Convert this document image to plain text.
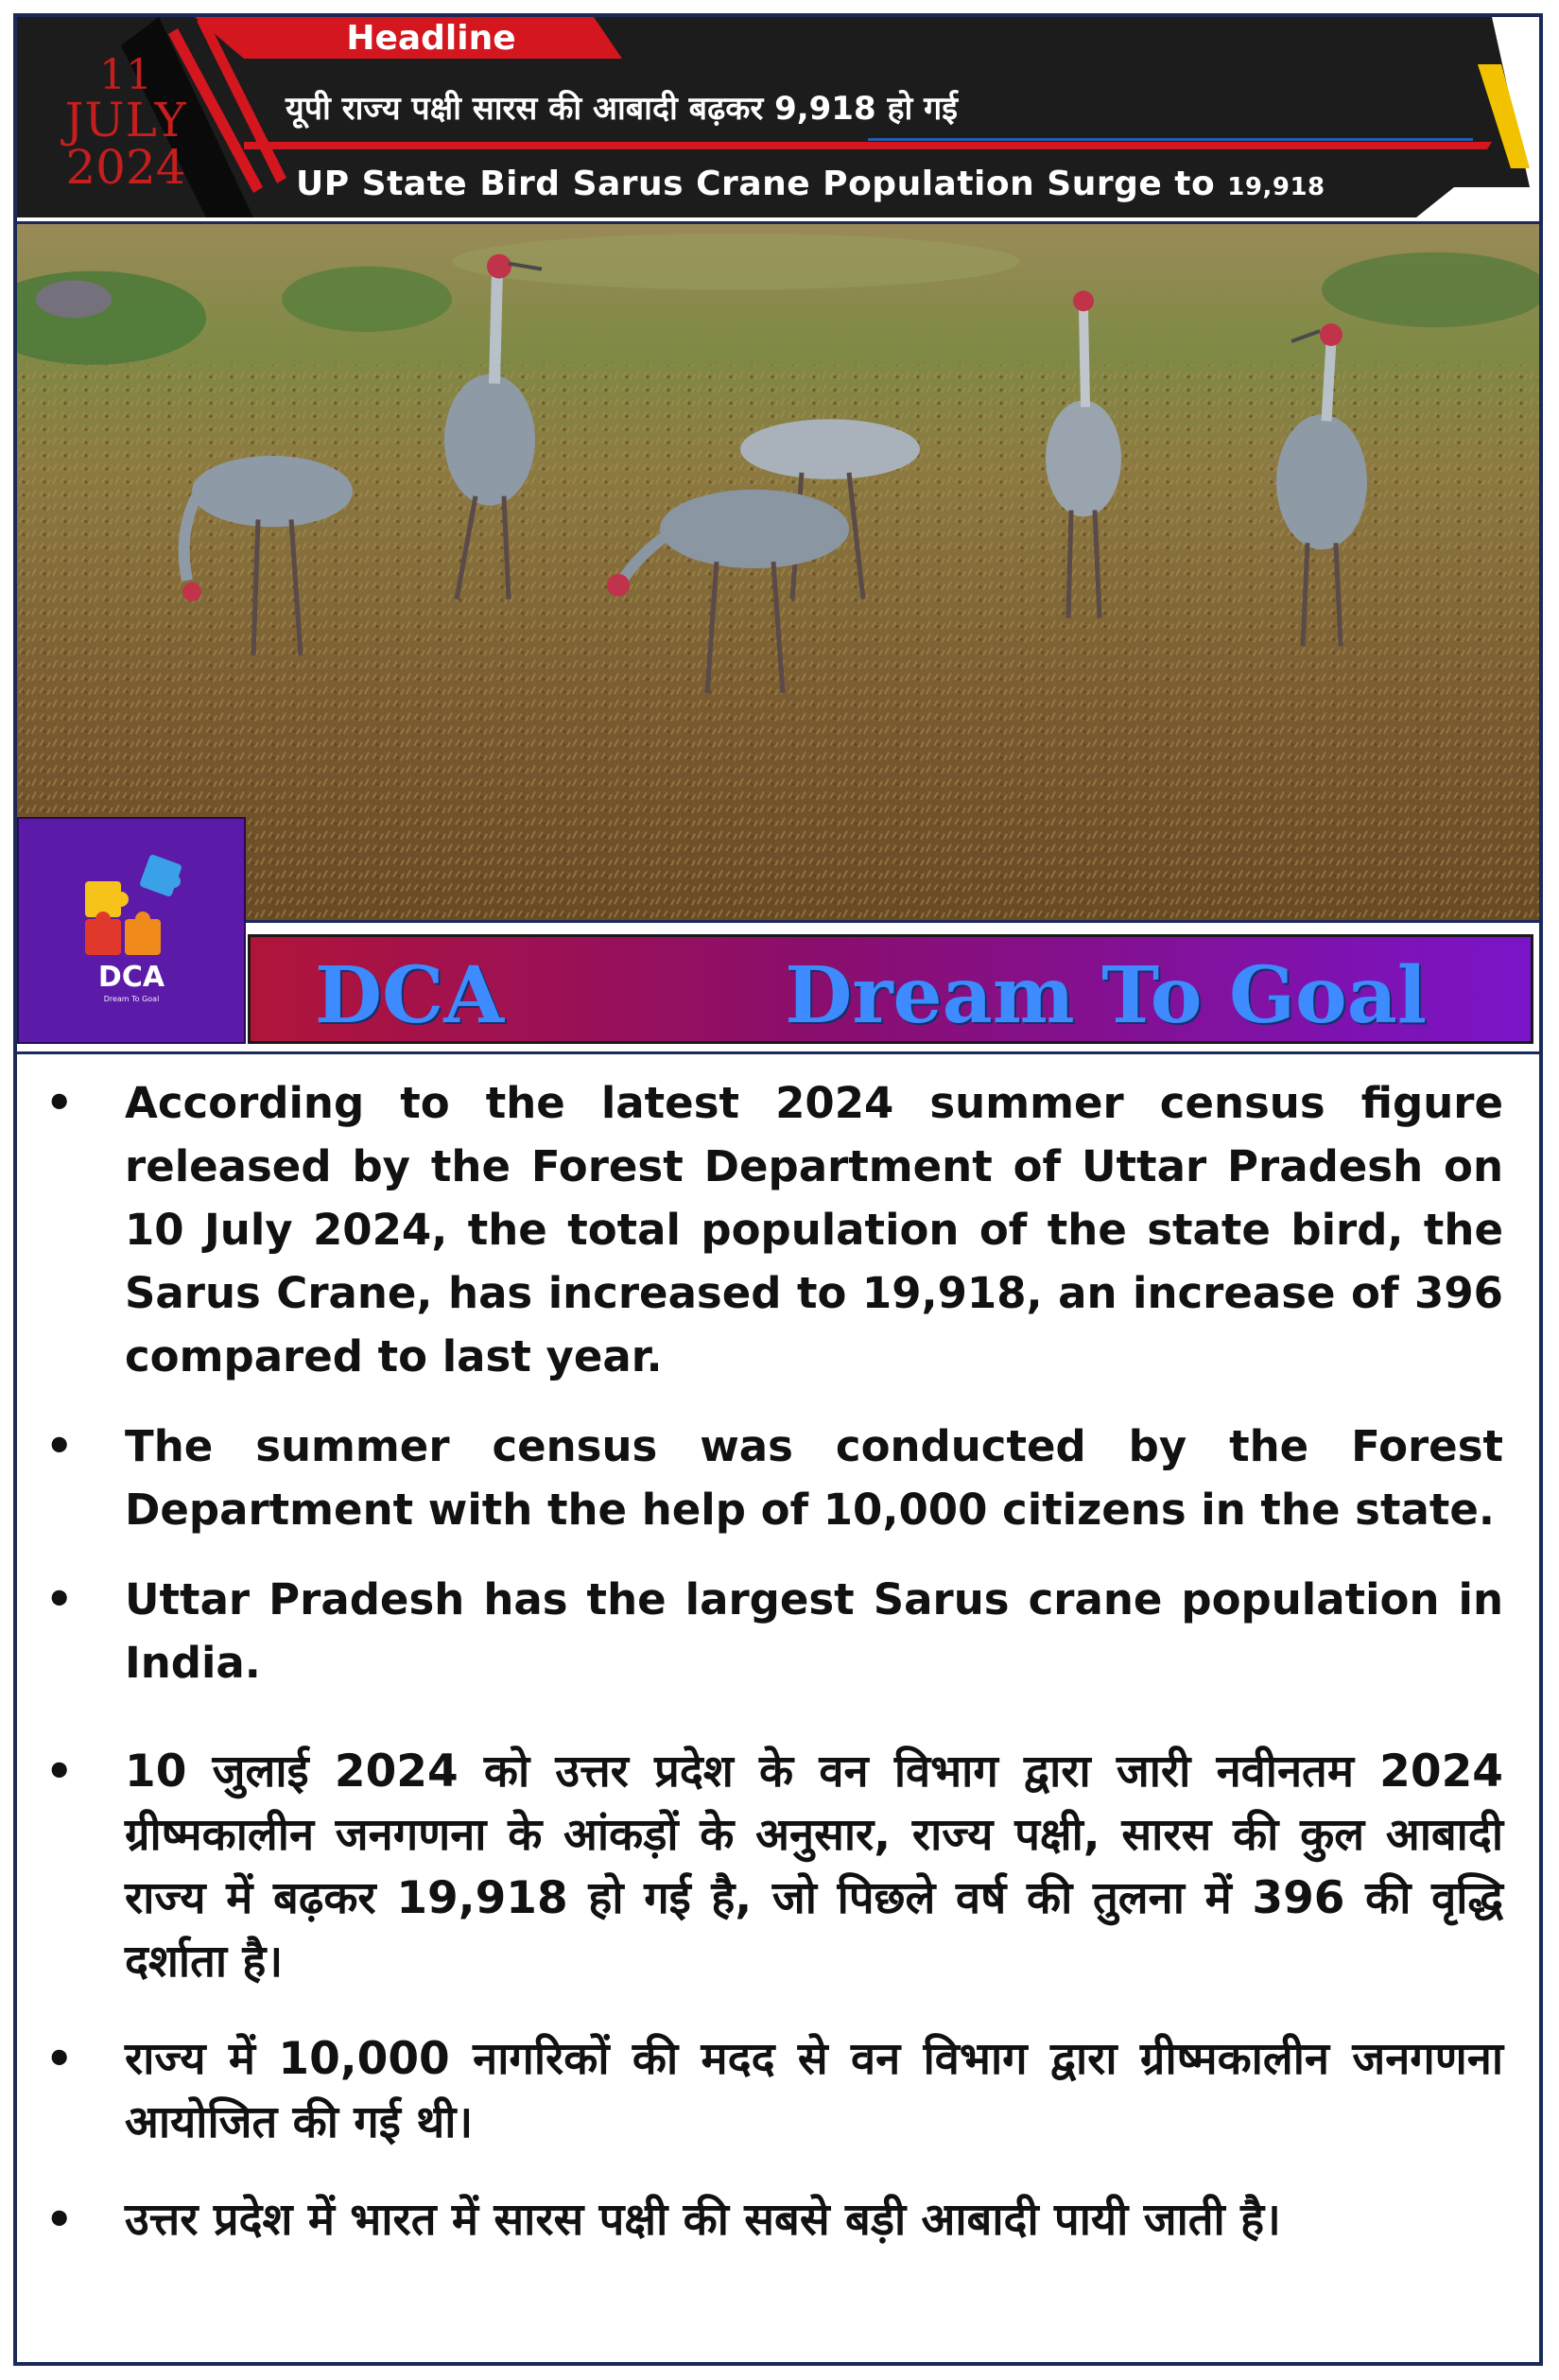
Headline
11
JULY
2024
यूपी राज्य पक्षी सारस की आबादी बढ़कर 9,918 हो गई
UP State Bird Sarus Crane Population Surge to 19,918
DCA
Dream To Goal	DCA	Dream To Goal
• According to the latest 2024 summer census figure released by the Forest Department of Uttar Pradesh on 10 July 2024, the total population of the state bird, the Sarus Crane, has increased to 19,918, an increase of 396 compared to last year.
• The summer census was conducted by the Forest Department with the help of 10,000 citizens in the state.
• Uttar Pradesh has the largest Sarus crane population in India.
• 10 जुलाई 2024 को उत्तर प्रदेश के वन विभाग द्वारा जारी नवीनतम 2024 ग्रीष्मकालीन जनगणना के आंकड़ों के अनुसार, राज्य पक्षी, सारस की कुल आबादी राज्य में बढ़कर 19,918 हो गई है, जो पिछले वर्ष की तुलना में 396 की वृद्धि दर्शाता है।
• राज्य में 10,000 नागरिकों की मदद से वन विभाग द्वारा ग्रीष्मकालीन जनगणना आयोजित की गई थी।
• उत्तर प्रदेश में भारत में सारस पक्षी की सबसे बड़ी आबादी पायी जाती है।
